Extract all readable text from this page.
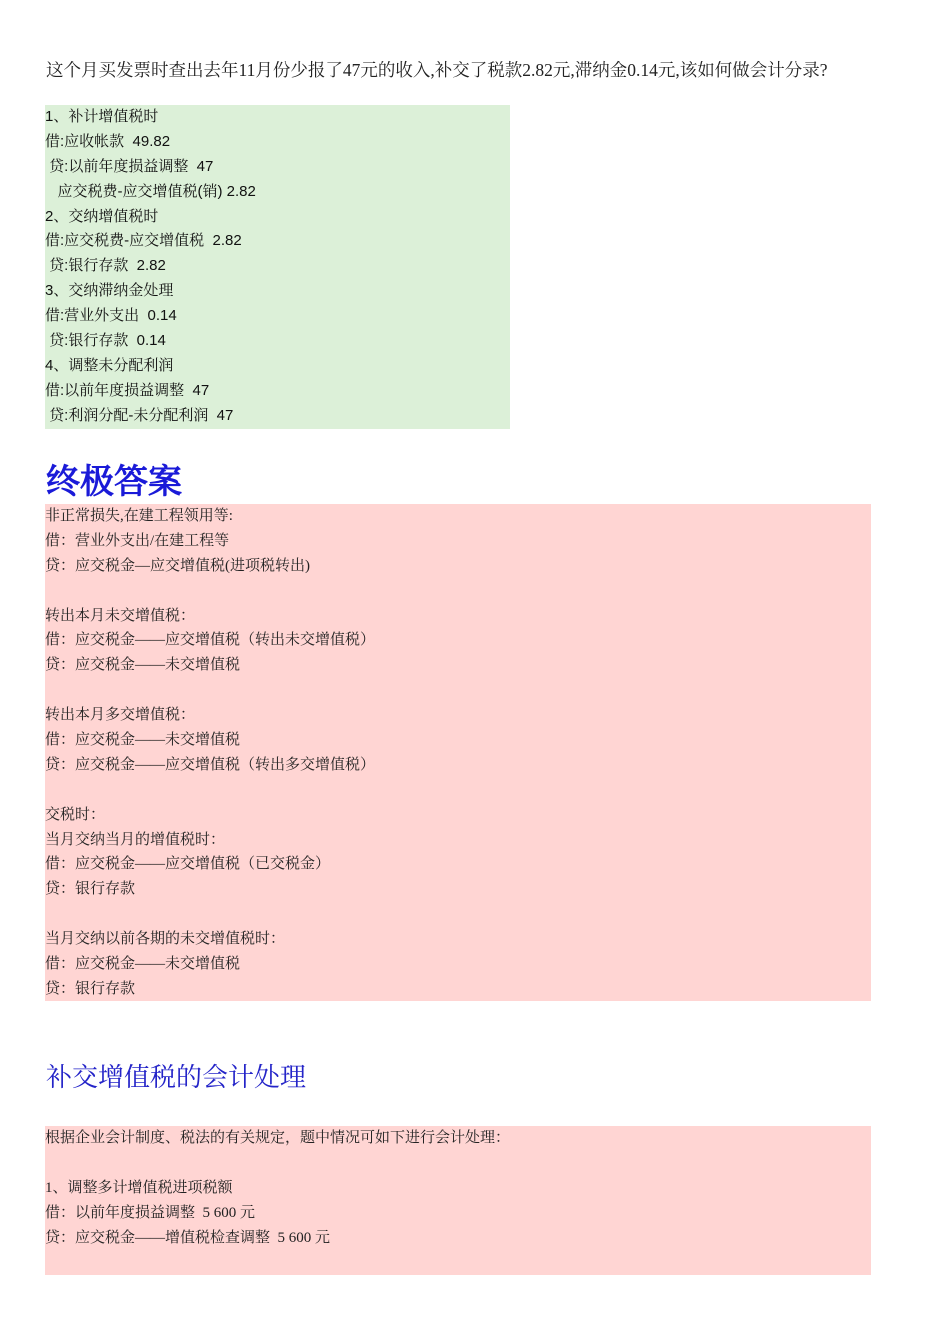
这个月买发票时查出去年11月份少报了47元的收入,补交了税款2.82元,滞纳金0.14元,该如何做会计分录?
1、补计增值税时
借:应收帐款  49.82
贷:以前年度损益调整  47
应交税费-应交增值税(销) 2.82
2、交纳增值税时
借:应交税费-应交增值税  2.82
贷:银行存款  2.82
3、交纳滞纳金处理
借:营业外支出  0.14
贷:银行存款  0.14
4、调整未分配利润
借:以前年度损益调整  47
贷:利润分配-未分配利润  47
终极答案
非正常损失,在建工程领用等:
借：营业外支出/在建工程等
贷：应交税金—应交增值税(进项税转出)
转出本月未交增值税：
借：应交税金——应交增值税（转出未交增值税）
贷：应交税金——未交增值税
转出本月多交增值税：
借：应交税金——未交增值税
贷：应交税金——应交增值税（转出多交增值税）
交税时：
当月交纳当月的增值税时：
借：应交税金——应交增值税（已交税金）
贷：银行存款
当月交纳以前各期的未交增值税时：
借：应交税金——未交增值税
贷：银行存款
补交增值税的会计处理
根据企业会计制度、税法的有关规定，题中情况可如下进行会计处理：
1、调整多计增值税进项税额
借：以前年度损益调整  5 600 元
贷：应交税金——增值税检查调整  5 600 元
